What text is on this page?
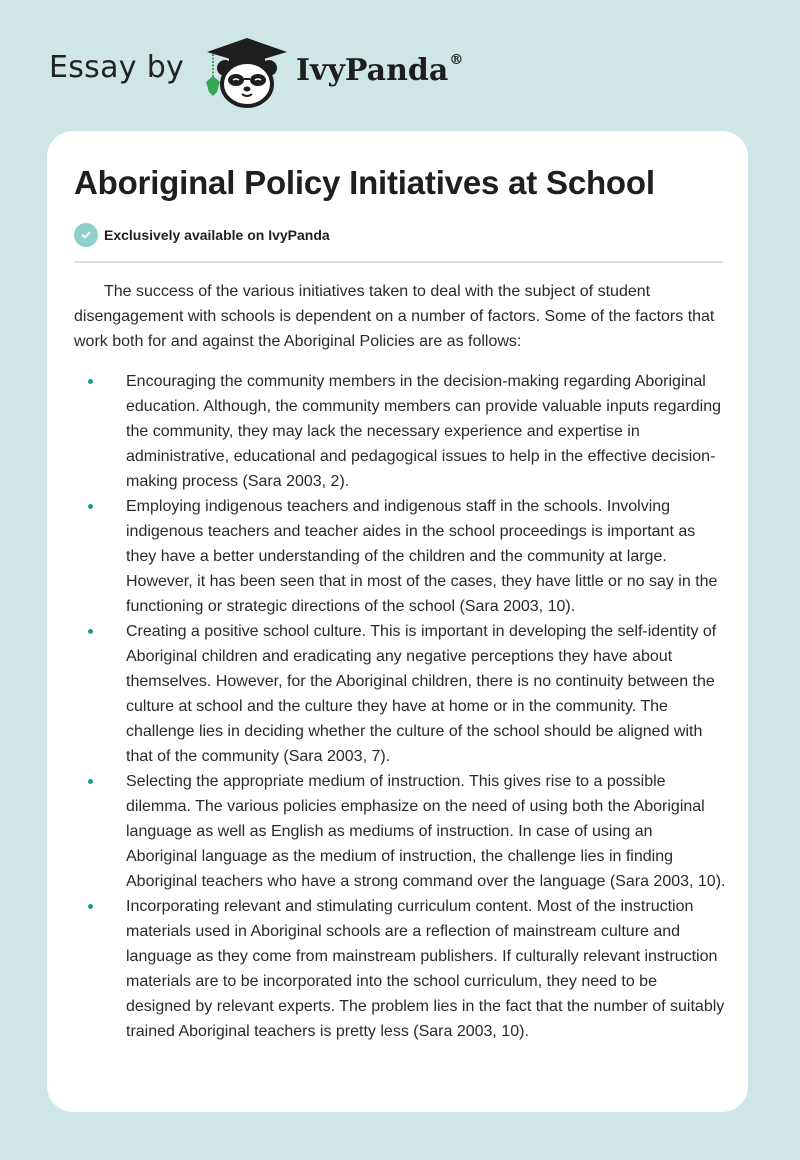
Essay by	IvyPanda®
Aboriginal Policy Initiatives at School
Exclusively available on IvyPanda

The success of the various initiatives taken to deal with the subject of student disengagement with schools is dependent on a number of factors. Some of the factors that work both for and against the Aboriginal Policies are as follows:

Encouraging the community members in the decision-making regarding Aboriginal education. Although, the community members can provide valuable inputs regarding the community, they may lack the necessary experience and expertise in administrative, educational and pedagogical issues to help in the effective decision-making process (Sara 2003, 2).
Employing indigenous teachers and indigenous staff in the schools. Involving indigenous teachers and teacher aides in the school proceedings is important as they have a better understanding of the children and the community at large. However, it has been seen that in most of the cases, they have little or no say in the functioning or strategic directions of the school (Sara 2003, 10).
Creating a positive school culture. This is important in developing the self-identity of Aboriginal children and eradicating any negative perceptions they have about themselves. However, for the Aboriginal children, there is no continuity between the culture at school and the culture they have at home or in the community. The challenge lies in deciding whether the culture of the school should be aligned with that of the community (Sara 2003, 7).
Selecting the appropriate medium of instruction. This gives rise to a possible dilemma. The various policies emphasize on the need of using both the Aboriginal language as well as English as mediums of instruction. In case of using an Aboriginal language as the medium of instruction, the challenge lies in finding Aboriginal teachers who have a strong command over the language (Sara 2003, 10).
Incorporating relevant and stimulating curriculum content. Most of the instruction materials used in Aboriginal schools are a reflection of mainstream culture and language as they come from mainstream publishers. If culturally relevant instruction materials are to be incorporated into the school curriculum, they need to be designed by relevant experts. The problem lies in the fact that the number of suitably trained Aboriginal teachers is pretty less (Sara 2003, 10).
